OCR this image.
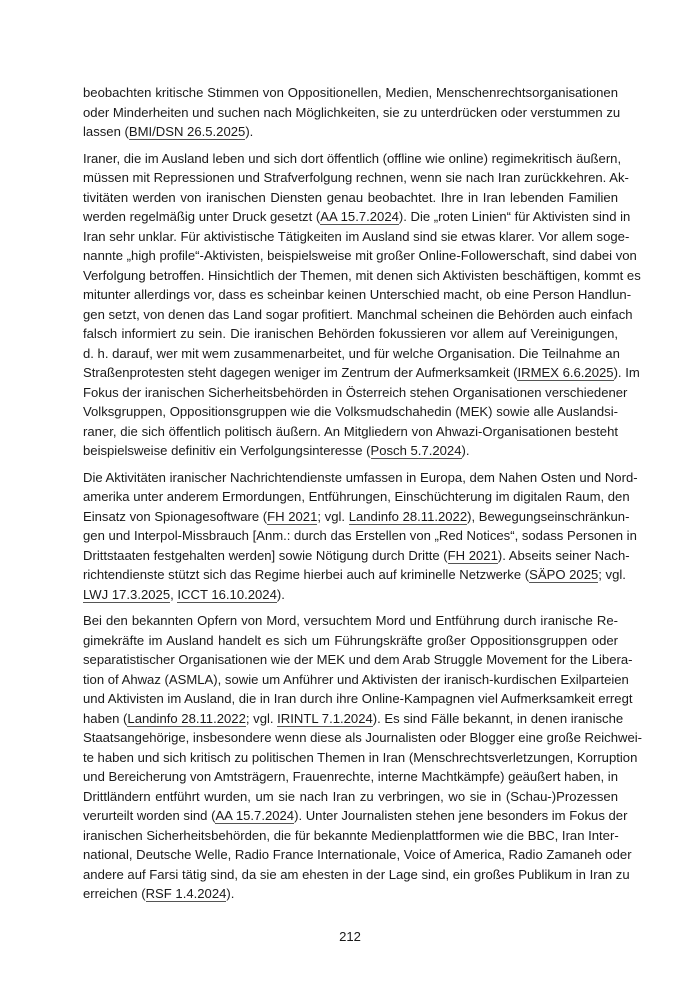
beobachten kritische Stimmen von Oppositionellen, Medien, Menschenrechtsorganisationen
oder Minderheiten und suchen nach Möglichkeiten, sie zu unterdrücken oder verstummen zu
lassen (BMI/DSN 26.5.2025).
Iraner, die im Ausland leben und sich dort öffentlich (offline wie online) regimekritisch äußern,
müssen mit Repressionen und Strafverfolgung rechnen, wenn sie nach Iran zurückkehren. Ak-
tivitäten werden von iranischen Diensten genau beobachtet. Ihre in Iran lebenden Familien
werden regelmäßig unter Druck gesetzt (AA 15.7.2024). Die „roten Linien“ für Aktivisten sind in
Iran sehr unklar. Für aktivistische Tätigkeiten im Ausland sind sie etwas klarer. Vor allem soge-
nannte „high profile“-Aktivisten, beispielsweise mit großer Online-Followerschaft, sind dabei von
Verfolgung betroffen. Hinsichtlich der Themen, mit denen sich Aktivisten beschäftigen, kommt es
mitunter allerdings vor, dass es scheinbar keinen Unterschied macht, ob eine Person Handlun-
gen setzt, von denen das Land sogar profitiert. Manchmal scheinen die Behörden auch einfach
falsch informiert zu sein. Die iranischen Behörden fokussieren vor allem auf Vereinigungen,
d. h. darauf, wer mit wem zusammenarbeitet, und für welche Organisation. Die Teilnahme an
Straßenprotesten steht dagegen weniger im Zentrum der Aufmerksamkeit (IRMEX 6.6.2025). Im
Fokus der iranischen Sicherheitsbehörden in Österreich stehen Organisationen verschiedener
Volksgruppen, Oppositionsgruppen wie die Volksmudschahedin (MEK) sowie alle Auslandsi-
raner, die sich öffentlich politisch äußern. An Mitgliedern von Ahwazi-Organisationen besteht
beispielsweise definitiv ein Verfolgungsinteresse (Posch 5.7.2024).
Die Aktivitäten iranischer Nachrichtendienste umfassen in Europa, dem Nahen Osten und Nord-
amerika unter anderem Ermordungen, Entführungen, Einschüchterung im digitalen Raum, den
Einsatz von Spionagesoftware (FH 2021; vgl. Landinfo 28.11.2022), Bewegungseinschränkun-
gen und Interpol-Missbrauch [Anm.: durch das Erstellen von „Red Notices“, sodass Personen in
Drittstaaten festgehalten werden] sowie Nötigung durch Dritte (FH 2021). Abseits seiner Nach-
richtendienste stützt sich das Regime hierbei auch auf kriminelle Netzwerke (SÄPO 2025; vgl.
LWJ 17.3.2025, ICCT 16.10.2024).
Bei den bekannten Opfern von Mord, versuchtem Mord und Entführung durch iranische Re-
gimekräfte im Ausland handelt es sich um Führungskräfte großer Oppositionsgruppen oder
separatistischer Organisationen wie der MEK und dem Arab Struggle Movement for the Libera-
tion of Ahwaz (ASMLA), sowie um Anführer und Aktivisten der iranisch-kurdischen Exilparteien
und Aktivisten im Ausland, die in Iran durch ihre Online-Kampagnen viel Aufmerksamkeit erregt
haben (Landinfo 28.11.2022; vgl. IRINTL 7.1.2024). Es sind Fälle bekannt, in denen iranische
Staatsangehörige, insbesondere wenn diese als Journalisten oder Blogger eine große Reichwei-
te haben und sich kritisch zu politischen Themen in Iran (Menschrechtsverletzungen, Korruption
und Bereicherung von Amtsträgern, Frauenrechte, interne Machtkämpfe) geäußert haben, in
Drittländern entführt wurden, um sie nach Iran zu verbringen, wo sie in (Schau-)Prozessen
verurteilt worden sind (AA 15.7.2024). Unter Journalisten stehen jene besonders im Fokus der
iranischen Sicherheitsbehörden, die für bekannte Medienplattformen wie die BBC, Iran Inter-
national, Deutsche Welle, Radio France Internationale, Voice of America, Radio Zamaneh oder
andere auf Farsi tätig sind, da sie am ehesten in der Lage sind, ein großes Publikum in Iran zu
erreichen (RSF 1.4.2024).
212
